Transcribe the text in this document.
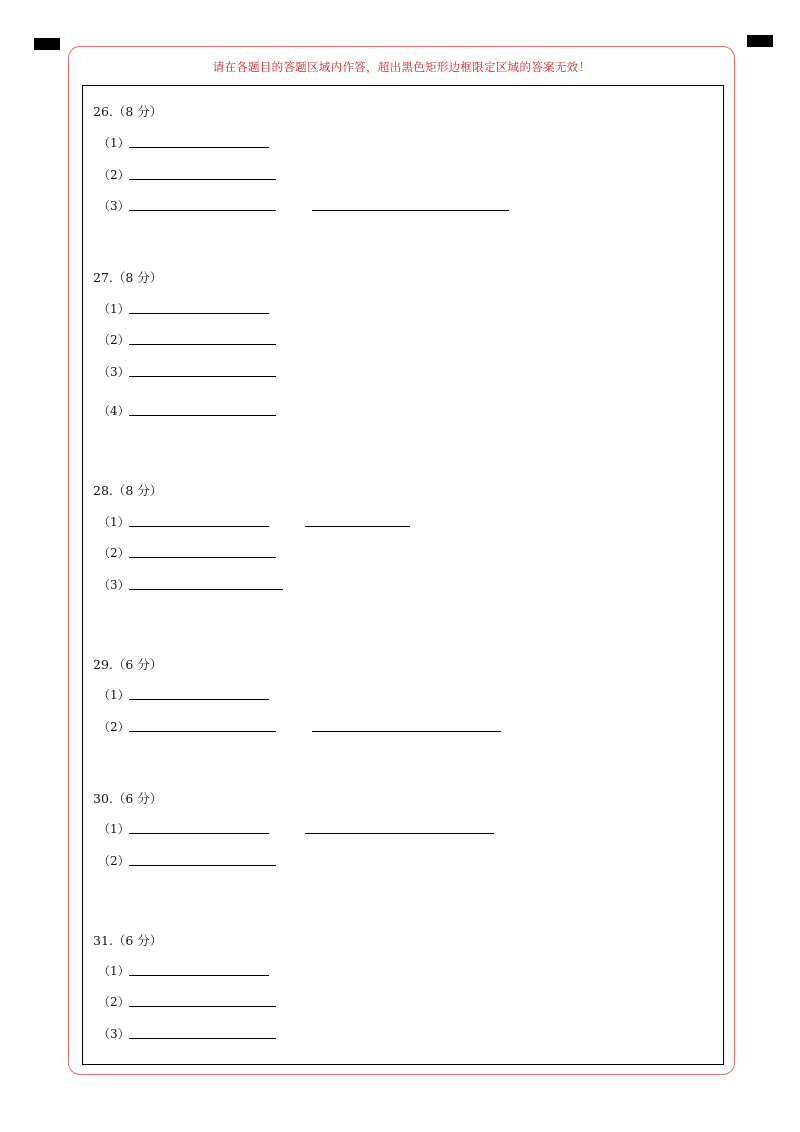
请在各题目的答题区域内作答，超出黑色矩形边框限定区域的答案无效！
26.（8 分）
（1）
（2）
（3）
27.（8 分）
（1）
（2）
（3）
（4）
28.（8 分）
（1）
（2）
（3）
29.（6 分）
（1）
（2）
30.（6 分）
（1）
（2）
31.（6 分）
（1）
（2）
（3）
